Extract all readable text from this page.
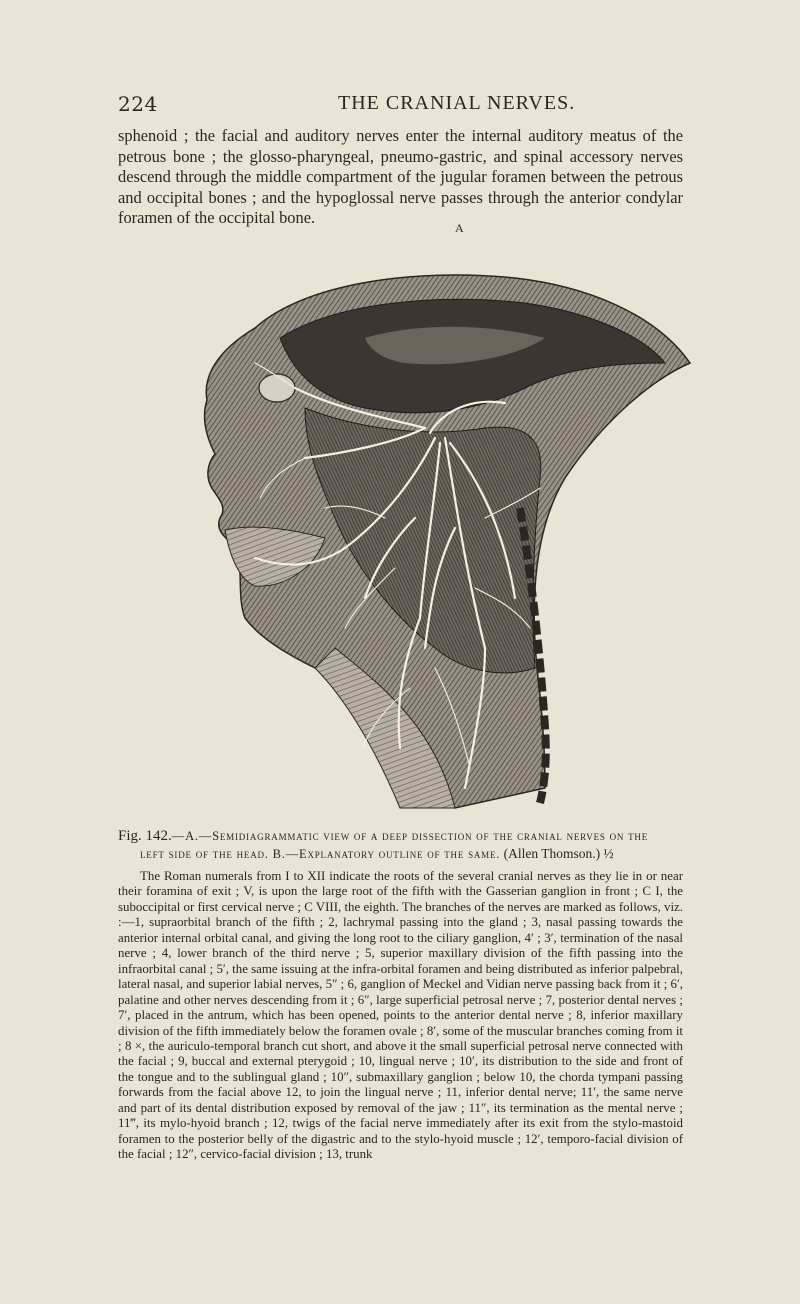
224	THE CRANIAL NERVES.
sphenoid ; the facial and auditory nerves enter the internal auditory meatus of the petrous bone ; the glosso-pharyngeal, pneumo-gastric, and spinal accessory nerves descend through the middle compartment of the jugular foramen between the petrous and occipital bones ; and the hypoglossal nerve passes through the anterior condylar foramen of the occipital bone.
A
Fig. 142.—A.—Semidiagrammatic view of a deep dissection of the cranial nerves on the
left side of the head. B.—Explanatory outline of the same. (Allen Thomson.) ½
The Roman numerals from I to XII indicate the roots of the several cranial nerves as they lie in or near their foramina of exit ; V, is upon the large root of the fifth with the Gasserian ganglion in front ; C I, the suboccipital or first cervical nerve ; C VIII, the eighth. The branches of the nerves are marked as follows, viz. :—1, supraorbital branch of the fifth ; 2, lachrymal passing into the gland ; 3, nasal passing towards the anterior internal orbital canal, and giving the long root to the ciliary ganglion, 4′ ; 3′, termination of the nasal nerve ; 4, lower branch of the third nerve ; 5, superior maxillary division of the fifth passing into the infraorbital canal ; 5′, the same issuing at the infra-orbital foramen and being distributed as inferior palpebral, lateral nasal, and superior labial nerves, 5″ ; 6, ganglion of Meckel and Vidian nerve passing back from it ; 6′, palatine and other nerves descending from it ; 6″, large superficial petrosal nerve ; 7, posterior dental nerves ; 7′, placed in the antrum, which has been opened, points to the anterior dental nerve ; 8, inferior maxillary division of the fifth immediately below the foramen ovale ; 8′, some of the muscular branches coming from it ; 8 ×, the auriculo-temporal branch cut short, and above it the small superficial petrosal nerve connected with the facial ; 9, buccal and external pterygoid ; 10, lingual nerve ; 10′, its distribution to the side and front of the tongue and to the sublingual gland ; 10″, submaxillary ganglion ; below 10, the chorda tympani passing forwards from the facial above 12, to join the lingual nerve ; 11, inferior dental nerve; 11′, the same nerve and part of its dental distribution exposed by removal of the jaw ; 11″, its termination as the mental nerve ; 11‴, its mylo-hyoid branch ; 12, twigs of the facial nerve immediately after its exit from the stylo-mastoid foramen to the posterior belly of the digastric and to the stylo-hyoid muscle ; 12′, temporo-facial division of the facial ; 12″, cervico-facial division ; 13, trunk
